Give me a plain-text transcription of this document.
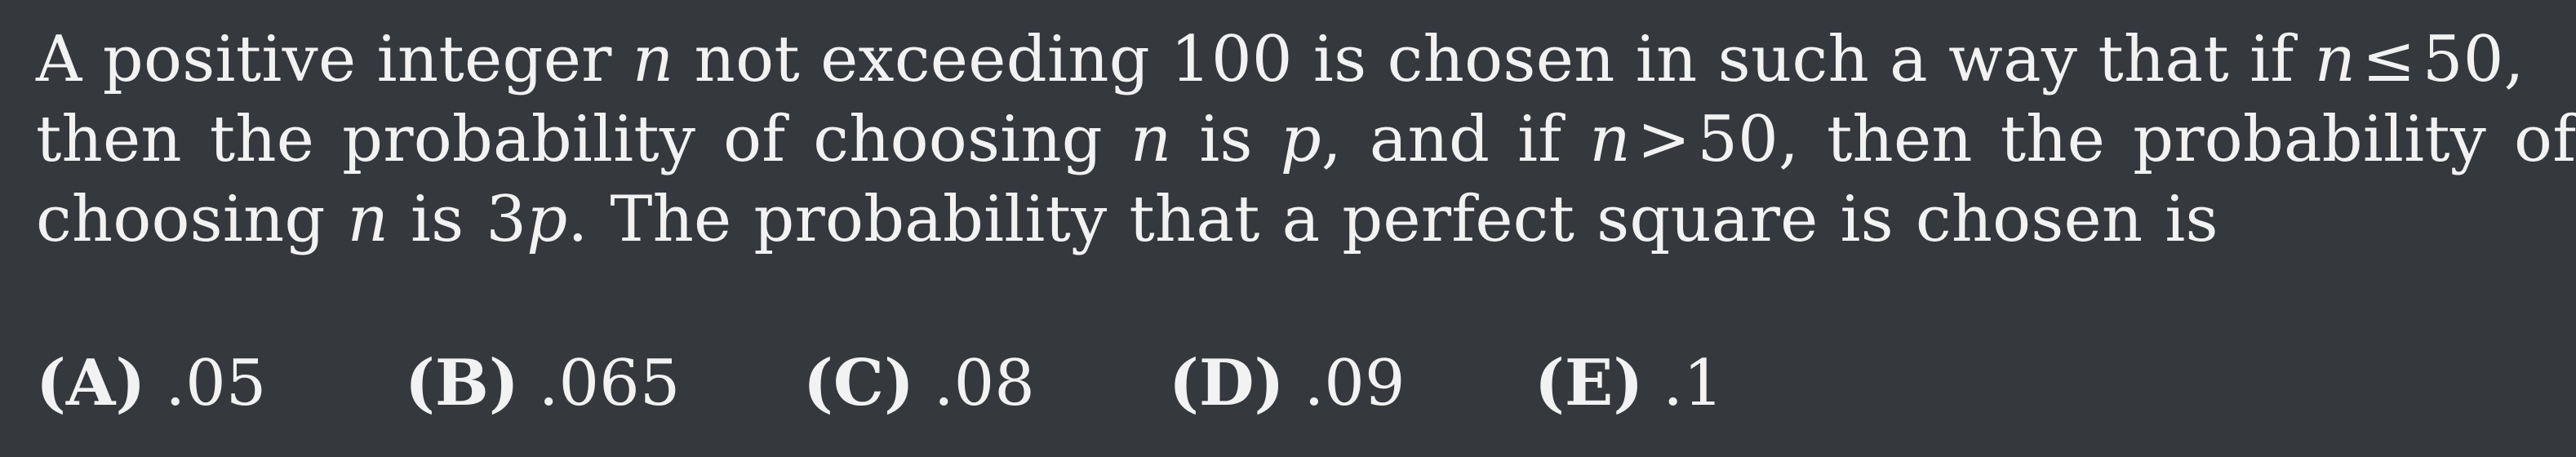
A positive integer n not exceeding 100 is chosen in such a way that if n ≤ 50,
then the probability of choosing n is p, and if n > 50, then the probability of
choosing n is 3p. The probability that a perfect square is chosen is
(A) .05 (B) .065 (C) .08 (D) .09 (E) .1
